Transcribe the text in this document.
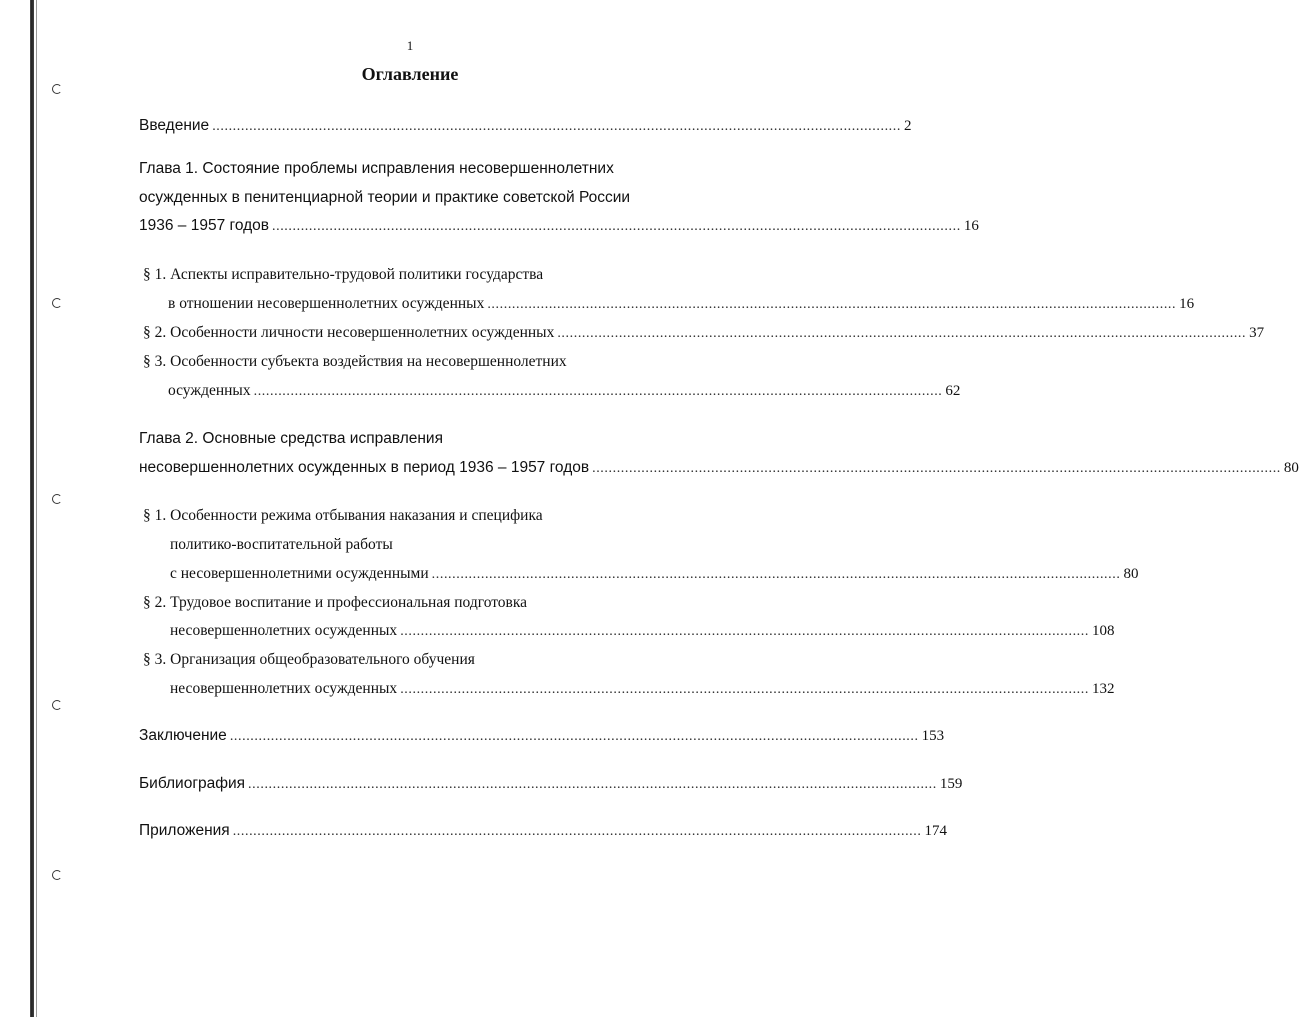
1
Оглавление
Введение ........................................................................................................................................................................ 2
Глава 1. Состояние проблемы исправления несовершеннолетних
осужденных в пенитенциарной теории и практике советской России
1936 – 1957 годов ........................................................................................................................................................................ 16
§ 1. Аспекты исправительно-трудовой политики государства
в отношении несовершеннолетних осужденных ........................................................................................................................................................................ 16
§ 2. Особенности личности несовершеннолетних осужденных ........................................................................................................................................................................ 37
§ 3. Особенности субъекта воздействия на несовершеннолетних
осужденных ........................................................................................................................................................................ 62
Глава 2. Основные средства исправления
несовершеннолетних осужденных в период 1936 – 1957 годов ........................................................................................................................................................................ 80
§ 1. Особенности режима отбывания наказания и специфика
политико-воспитательной работы
с несовершеннолетними осужденными ........................................................................................................................................................................ 80
§ 2. Трудовое воспитание и профессиональная подготовка
несовершеннолетних осужденных ........................................................................................................................................................................ 108
§ 3. Организация общеобразовательного обучения
несовершеннолетних осужденных ........................................................................................................................................................................ 132
Заключение ........................................................................................................................................................................ 153
Библиография ........................................................................................................................................................................ 159
Приложения ........................................................................................................................................................................ 174
